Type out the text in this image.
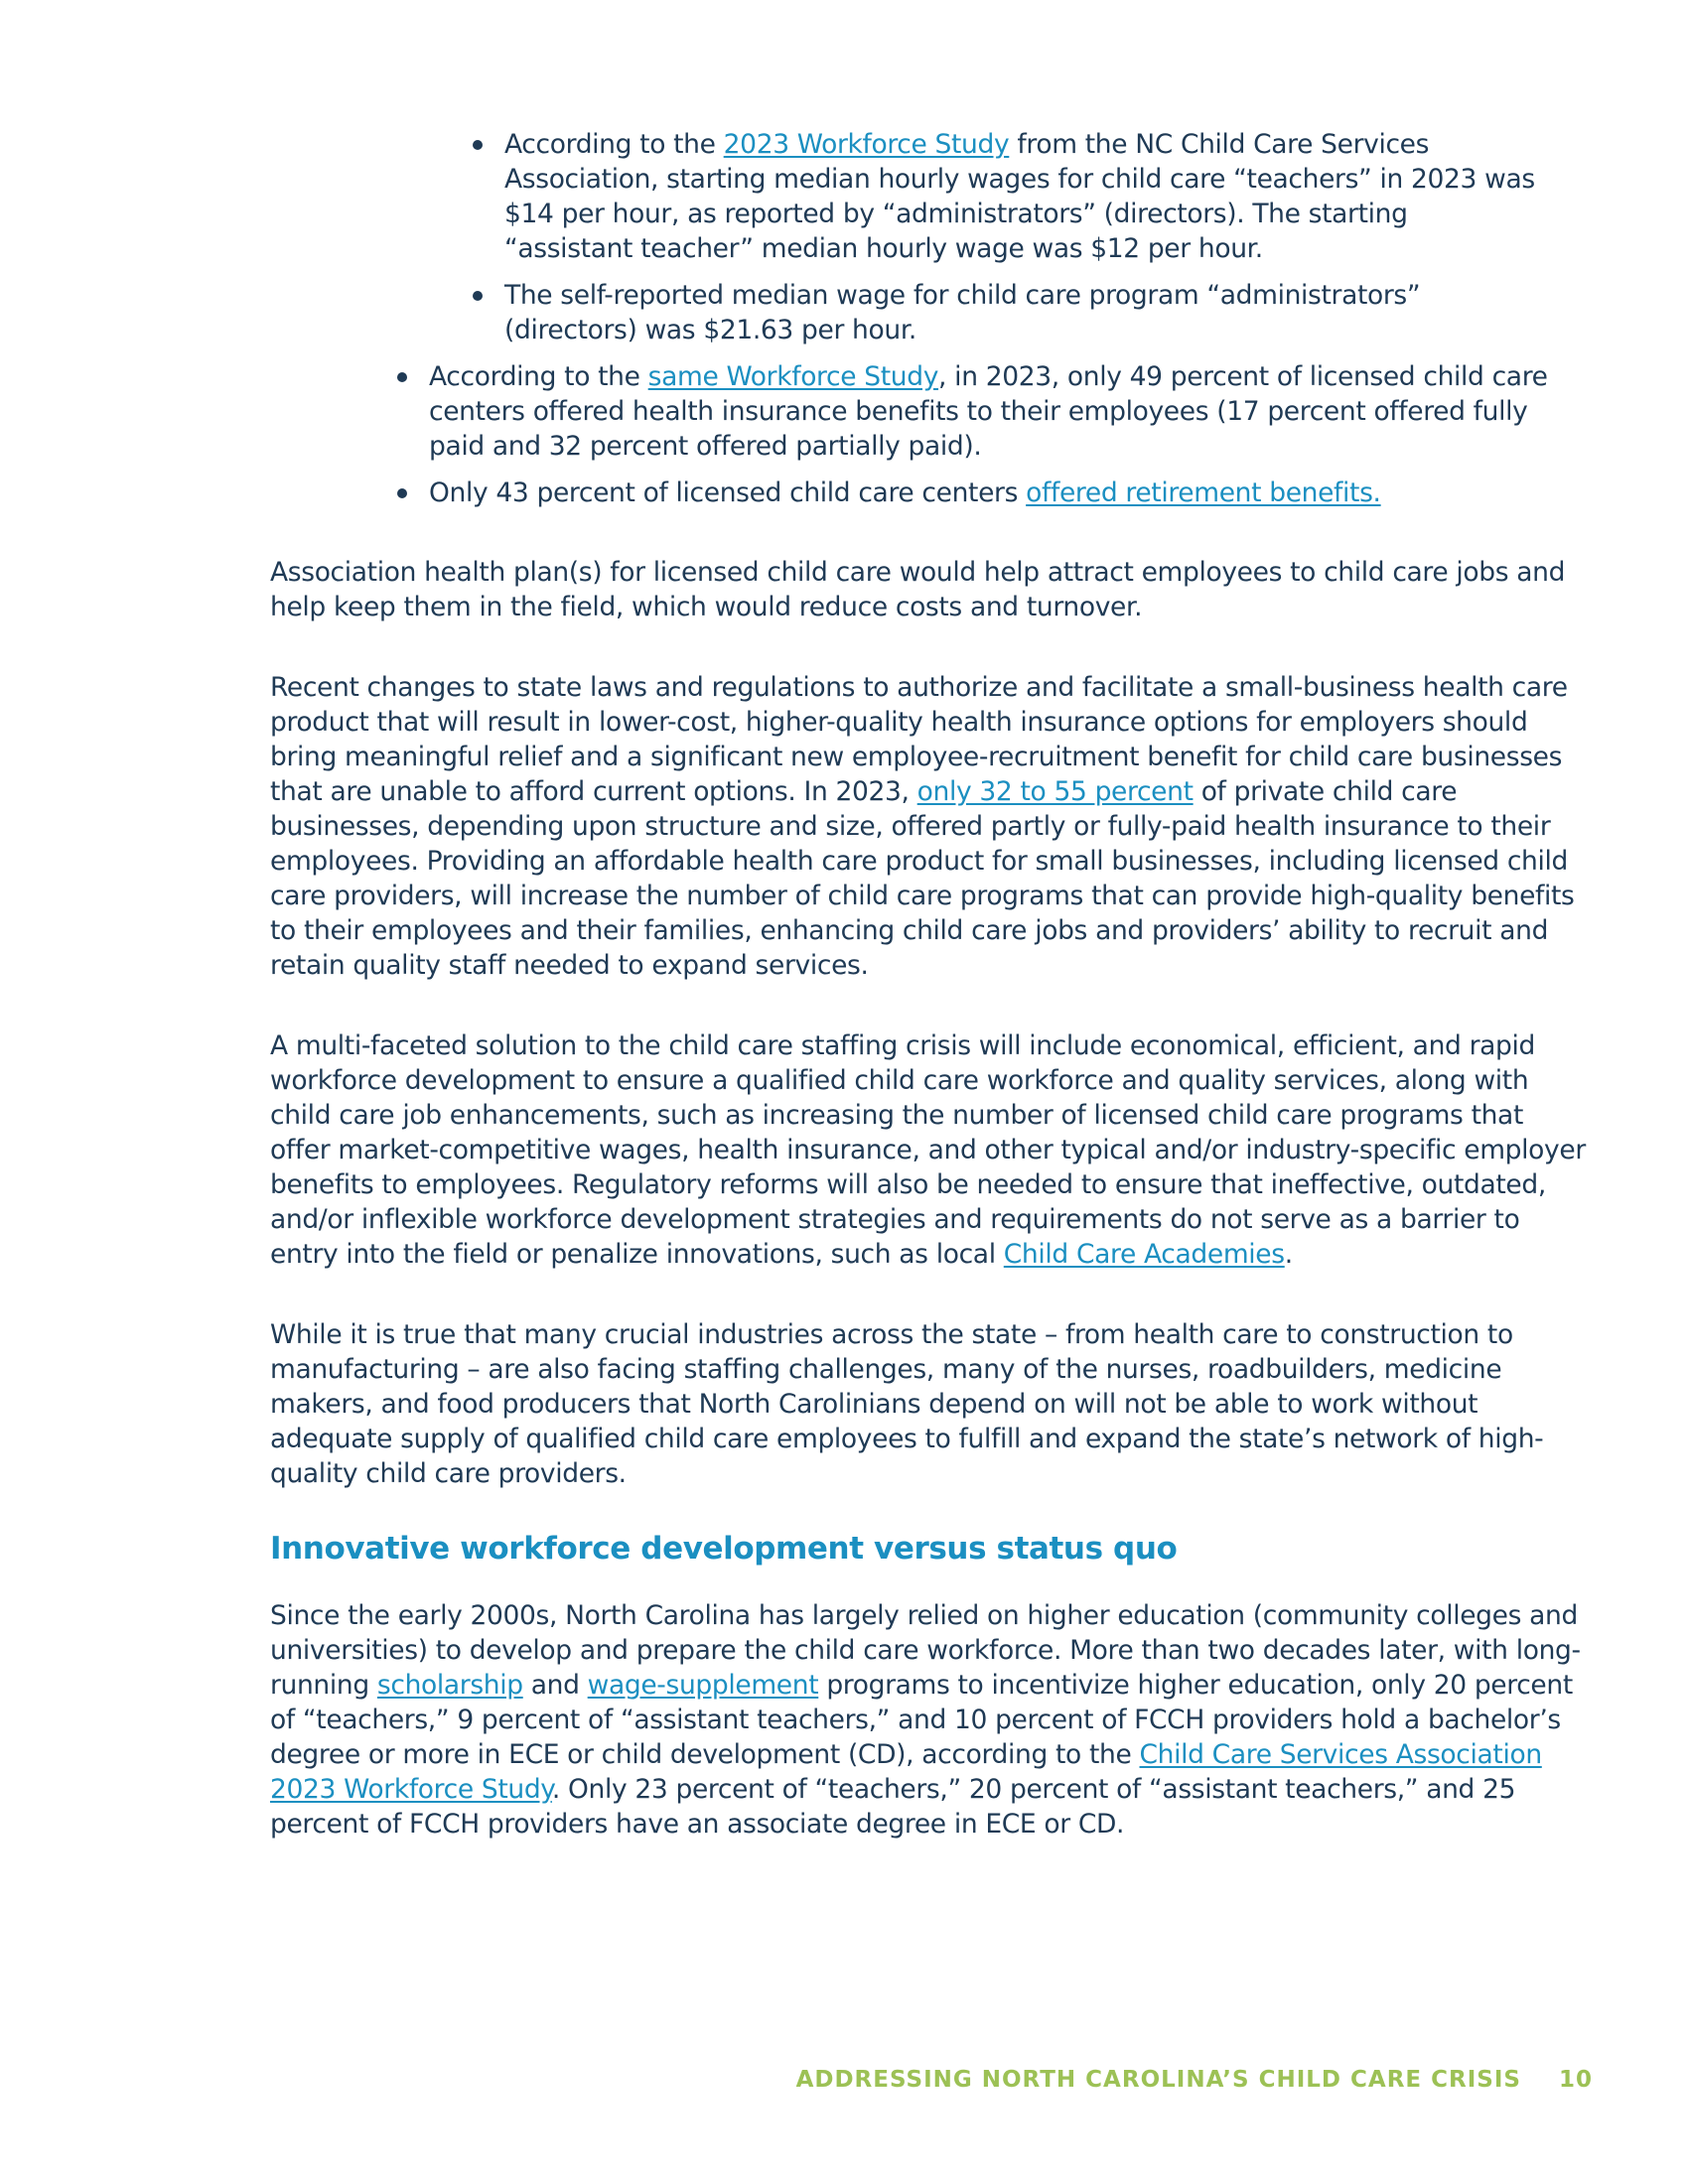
According to the 2023 Workforce Study from the NC Child Care Services Association, starting median hourly wages for child care “teachers” in 2023 was $14 per hour, as reported by “administrators” (directors). The starting “assistant teacher” median hourly wage was $12 per hour.
The self-reported median wage for child care program “administrators” (directors) was $21.63 per hour.
According to the same Workforce Study, in 2023, only 49 percent of licensed child care centers offered health insurance benefits to their employees (17 percent offered fully paid and 32 percent offered partially paid).
Only 43 percent of licensed child care centers offered retirement benefits.

Association health plan(s) for licensed child care would help attract employees to child care jobs and help keep them in the field, which would reduce costs and turnover.

Recent changes to state laws and regulations to authorize and facilitate a small-business health care product that will result in lower-cost, higher-quality health insurance options for employers should bring meaningful relief and a significant new employee-recruitment benefit for child care businesses that are unable to afford current options. In 2023, only 32 to 55 percent of private child care businesses, depending upon structure and size, offered partly or fully-paid health insurance to their employees. Providing an affordable health care product for small businesses, including licensed child care providers, will increase the number of child care programs that can provide high-quality benefits to their employees and their families, enhancing child care jobs and providers’ ability to recruit and retain quality staff needed to expand services.

A multi-faceted solution to the child care staffing crisis will include economical, efficient, and rapid workforce development to ensure a qualified child care workforce and quality services, along with child care job enhancements, such as increasing the number of licensed child care programs that offer market-competitive wages, health insurance, and other typical and/or industry-specific employer benefits to employees. Regulatory reforms will also be needed to ensure that ineffective, outdated, and/or inflexible workforce development strategies and requirements do not serve as a barrier to entry into the field or penalize innovations, such as local Child Care Academies.

While it is true that many crucial industries across the state – from health care to construction to manufacturing – are also facing staffing challenges, many of the nurses, roadbuilders, medicine makers, and food producers that North Carolinians depend on will not be able to work without adequate supply of qualified child care employees to fulfill and expand the state’s network of high-quality child care providers.

Innovative workforce development versus status quo

Since the early 2000s, North Carolina has largely relied on higher education (community colleges and universities) to develop and prepare the child care workforce. More than two decades later, with long-running scholarship and wage-supplement programs to incentivize higher education, only 20 percent of “teachers,” 9 percent of “assistant teachers,” and 10 percent of FCCH providers hold a bachelor’s degree or more in ECE or child development (CD), according to the Child Care Services Association 2023 Workforce Study. Only 23 percent of “teachers,” 20 percent of “assistant teachers,” and 25 percent of FCCH providers have an associate degree in ECE or CD.

ADDRESSING NORTH CAROLINA’S CHILD CARE CRISIS 10
